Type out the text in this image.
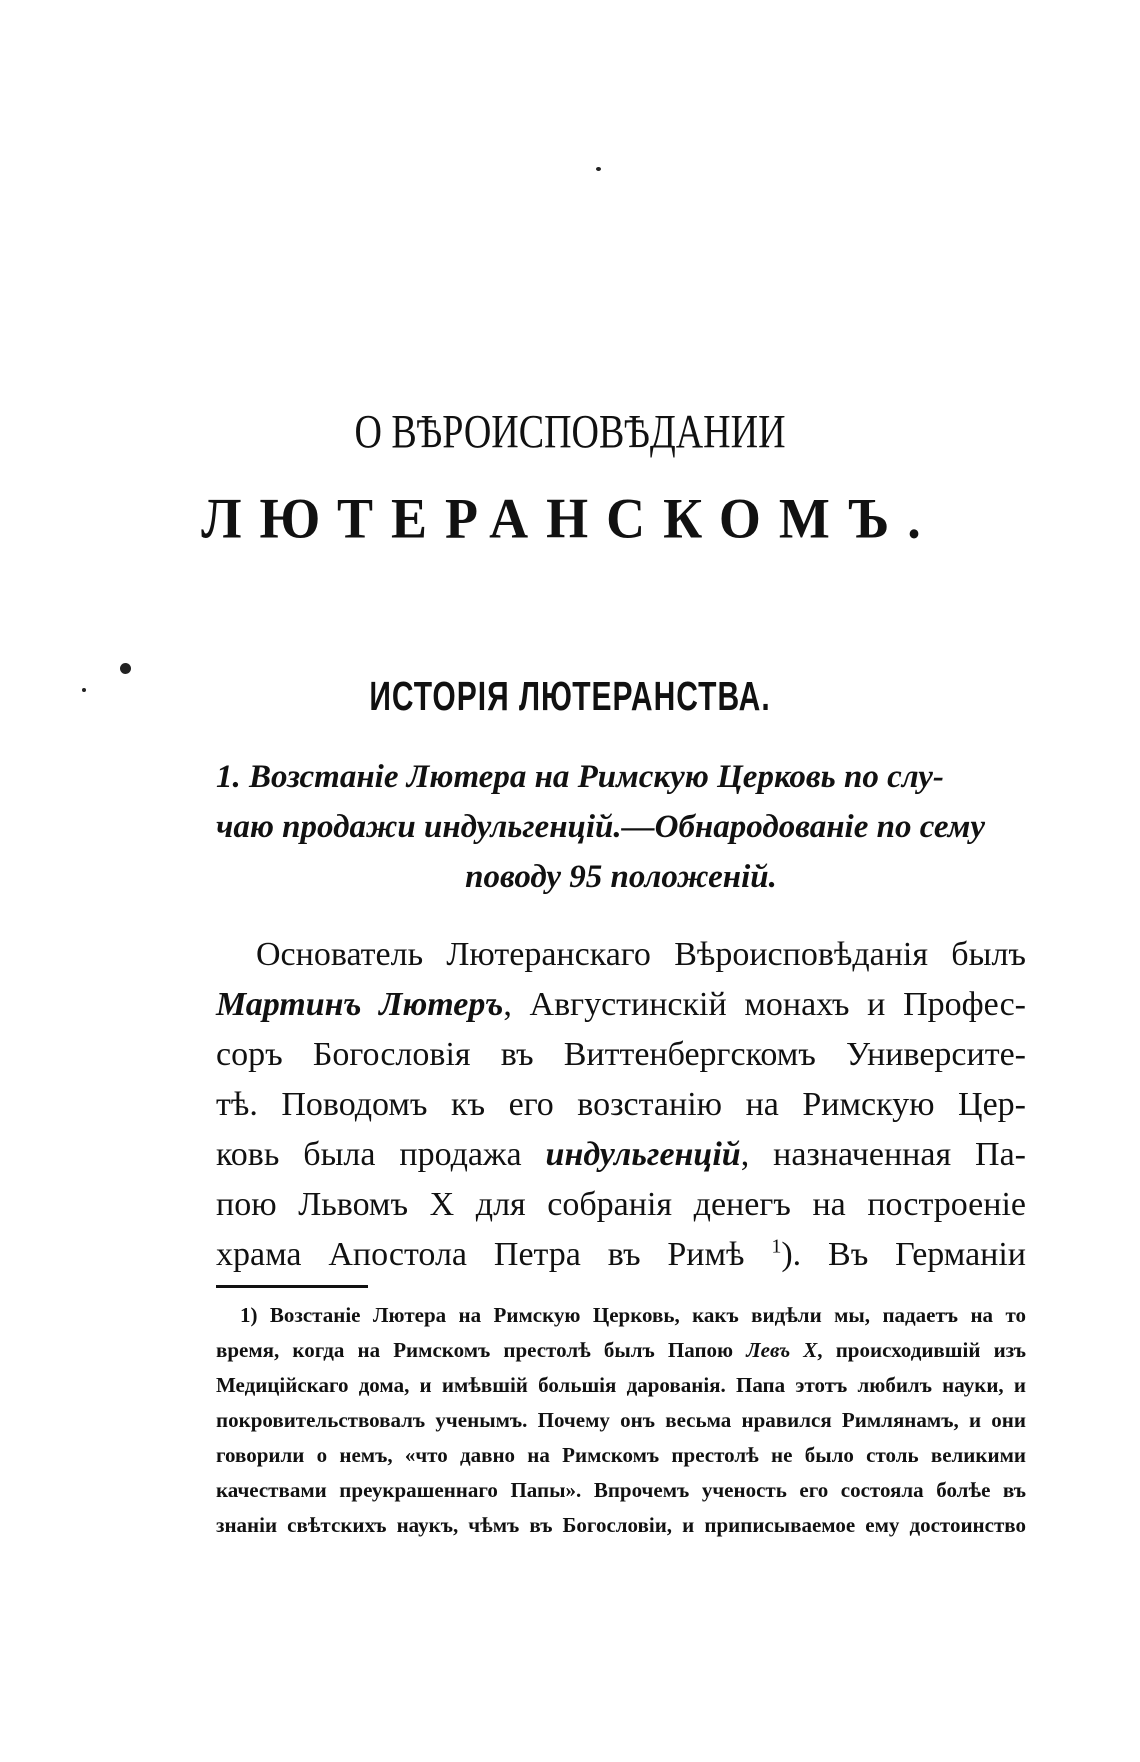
О ВѢРОИСПОВѢДАНИИ
ЛЮТЕРАНСКОМЪ.
ИСТОРІЯ ЛЮТЕРАНСТВА.
1. Возстаніе Лютера на Римскую Церковь по слу-
чаю продажи индульгенцій.—Обнародованіе по сему
поводу 95 положеній.
Основатель Лютеранскаго Вѣроисповѣданія былъ
Мартинъ Лютеръ, Августинскій монахъ и Профес-
соръ Богословія въ Виттенбергскомъ Университе-
тѣ. Поводомъ къ его возстанію на Римскую Цер-
ковь была продажа индульгенцій, назначенная Па-
пою Львомъ X для собранія денегъ на построеніе
храма Апостола Петра въ Римѣ $^1$). Въ Германіи
1) Возстаніе Лютера на Римскую Церковь, какъ видѣли мы, падаетъ на то
время, когда на Римскомъ престолѣ былъ Папою Левъ X, происходившій изъ
Медиційскаго дома, и имѣвшій большія дарованія. Папа этотъ любилъ науки, и
покровительствовалъ ученымъ. Почему онъ весьма нравился Римлянамъ, и они
говорили о немъ, «что давно на Римскомъ престолѣ не было столь великими
качествами преукрашеннаго Папы». Впрочемъ ученость его состояла болѣе въ
знаніи свѣтскихъ наукъ, чѣмъ въ Богословіи, и приписываемое ему достоинство
